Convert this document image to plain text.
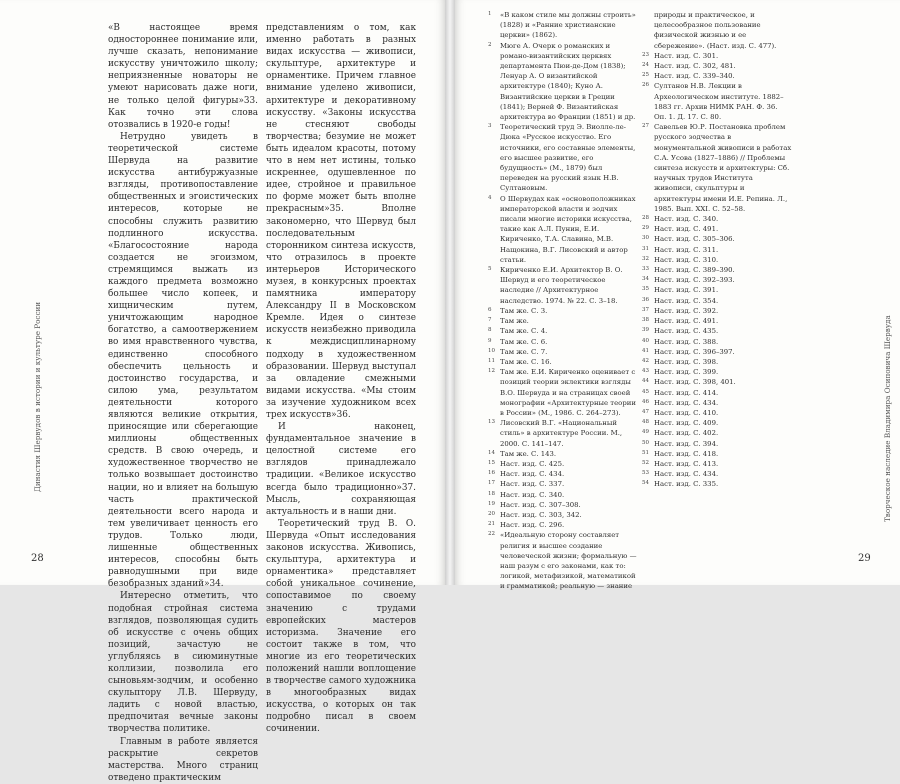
Династия Шервудов в истории и культуре России
28

«В настоящее время одностороннее понимание или, лучше сказать, непонимание искусству уничтожило школу; неприязненные новаторы не умеют нарисовать даже ноги, не только целой фигуры»33. Как точно эти слова отозвались в 1920-е годы!

Нетрудно увидеть в теоретической системе Шервуда на развитие искусства антибуржуазные взгляды, противопоставление общественных и эгоистических интересов, которые не способны служить развитию подлинного искусства. «Благосостояние народа создается не эгоизмом, стремящимся выжать из каждого предмета возможно большее число копеек, и хищническим путем, уничтожающим народное богатство, а самоотвержением во имя нравственного чувства, единственно способного обеспечить цельность и достоинство государства, и силою ума, результатом деятельности которого являются великие открытия, приносящие или сберегающие миллионы общественных средств. В свою очередь, и художественное творчество не только возвышает достоинство нации, но и влияет на большую часть практической деятельности всего народа и тем увеличивает ценность его трудов. Только люди, лишенные общественных интересов, способны быть равнодушными при виде безобразных зданий»34.

Интересно отметить, что подобная стройная система взглядов, позволяющая судить об искусстве с очень общих позиций, зачастую не углубляясь в сиюминутные коллизии, позволила его сыновьям-зодчим, и особенно скульптору Л.В. Шервуду, ладить с новой властью, предпочитая вечные законы творчества политике.

Главным в работе является раскрытие секретов мастерства. Много страниц отведено практическим

представлениям о том, как именно работать в разных видах искусства — живописи, скульптуре, архитектуре и орнаментике. Причем главное внимание уделено живописи, архитектуре и декоративному искусству. «Законы искусства не стесняют свободы творчества; безумие не может быть идеалом красоты, потому что в нем нет истины, только искреннее, одушевленное по идее, стройное и правильное по форме может быть вполне прекрасным»35. Вполне закономерно, что Шервуд был последовательным сторонником синтеза искусств, что отразилось в проекте интерьеров Исторического музея, в конкурсных проектах памятника императору Александру II в Московском Кремле. Идея о синтезе искусств неизбежно приводила к междисциплинарному подходу в художественном образовании. Шервуд выступал за овладение смежными видами искусства. «Мы стоим за изучение художником всех трех искусств»36.

И наконец, фундаментальное значение в целостной системе его взглядов принадлежало традиции. «Великое искусство всегда было традиционно»37. Мысль, сохраняющая актуальность и в наши дни.

Теоретический труд В. О. Шервуда «Опыт исследования законов искусства. Живопись, скульптура, архитектура и орнаментика» представляет собой уникальное сочинение, сопоставимое по своему значению с трудами европейских мастеров историзма. Значение его состоит также в том, что многие из его теоретических положений нашли воплощение в творчестве самого художника в многообразных видах искусства, о которых он так подробно писал в своем сочинении.

1	«В каком стиле мы должны строить» (1828) и «Ранние христианские церкви» (1862).
2	Мюге А. Очерк о романских и романо-византийских церквях департамента Пюи-де-Дом (1838); Ленуар А. О византийской архитектуре (1840); Куно А. Византийские церкви в Греции (1841); Верней Ф. Византийская архитектура во Франции (1851) и др.
3	Теоретический труд Э. Виолле-ле-Дюка «Русское искусство. Его источники, его составные элементы, его высшее развитие, его будущность» (М., 1879) был переведен на русский язык Н.В. Султановым.
4	О Шервудах как «основоположниках императорской власти и зодчих писали многие историки искусства, такие как А.Л. Пунин, Е.И. Кириченко, Т.А. Славина, М.В. Нащокина, В.Г. Лисовский и автор статьи.
5	Кириченко Е.И. Архитектор В. О. Шервуд и его теоретическое наследие // Архитектурное наследство. 1974. № 22. С. 3–18.
6	Там же. С. 3.
7	Там же.
8	Там же. С. 4.
9	Там же. С. 6.
10 Там же. С. 7.
11 Там же. С. 16.
12 Там же. Е.И. Кириченко оценивает с позиций теории эклектики взгляды В.О. Шервуда и на страницах своей монографии «Архитектурные теории в России» (М., 1986. С. 264–273).
13 Лисовский В.Г. «Национальный стиль» в архитектуре России. М., 2000. С. 141–147.
14 Там же. С. 143.
15 Наст. изд. С. 425.
16 Наст. изд. С. 434.
17 Наст. изд. С. 337.
18 Наст. изд. С. 340.
19 Наст. изд. С. 307–308.
20 Наст. изд. С. 303, 342.
21 Наст. изд. С. 296.
22 «Идеальную сторону составляет религия и высшее создание человеческой жизни; формальную — наш разум с его законами, как то: логикой, метафизикой, математикой и грамматикой; реальную — знание
природы и практическое, и целесообразное пользование физической жизнью и ее сбережение». (Наст. изд. С. 477).
23 Наст. изд. С. 301.
24 Наст. изд. С. 302, 481.
25 Наст. изд. С. 339–340.
26 Султанов Н.В. Лекции в Археологическом институте. 1882–1883 гг. Архив НИМК РАН. Ф. 36. Оп. 1. Д. 17. С. 80.
27 Савельев Ю.Р. Постановка проблем русского зодчества в монументальной живописи в работах С.А. Усова (1827–1886) // Проблемы синтеза искусств и архитектуры: Сб. научных трудов Института живописи, скульптуры и архитектуры имени И.Е. Репина. Л., 1985. Вып. XXI. С. 52–58.
28 Наст. изд. С. 340.
29 Наст. изд. С. 491.
30 Наст. изд. С. 305–306.
31 Наст. изд. С. 311.
32 Наст. изд. С. 310.
33 Наст. изд. С. 389–390.
34 Наст. изд. С. 392–393.
35 Наст. изд. С. 391.
36 Наст. изд. С. 354.
37 Наст. изд. С. 392.
38 Наст. изд. С. 491.
39 Наст. изд. С. 435.
40 Наст. изд. С. 388.
41 Наст. изд. С. 396–397.
42 Наст. изд. С. 398.
43 Наст. изд. С. 399.
44 Наст. изд. С. 398, 401.
45 Наст. изд. С. 414.
46 Наст. изд. С. 434.
47 Наст. изд. С. 410.
48 Наст. изд. С. 409.
49 Наст. изд. С. 402.
50 Наст. изд. С. 394.
51 Наст. изд. С. 418.
52 Наст. изд. С. 413.
53 Наст. изд. С. 434.
54 Наст. изд. С. 335.	Творческое наследие Владимира Осиповича Шервуда
29
